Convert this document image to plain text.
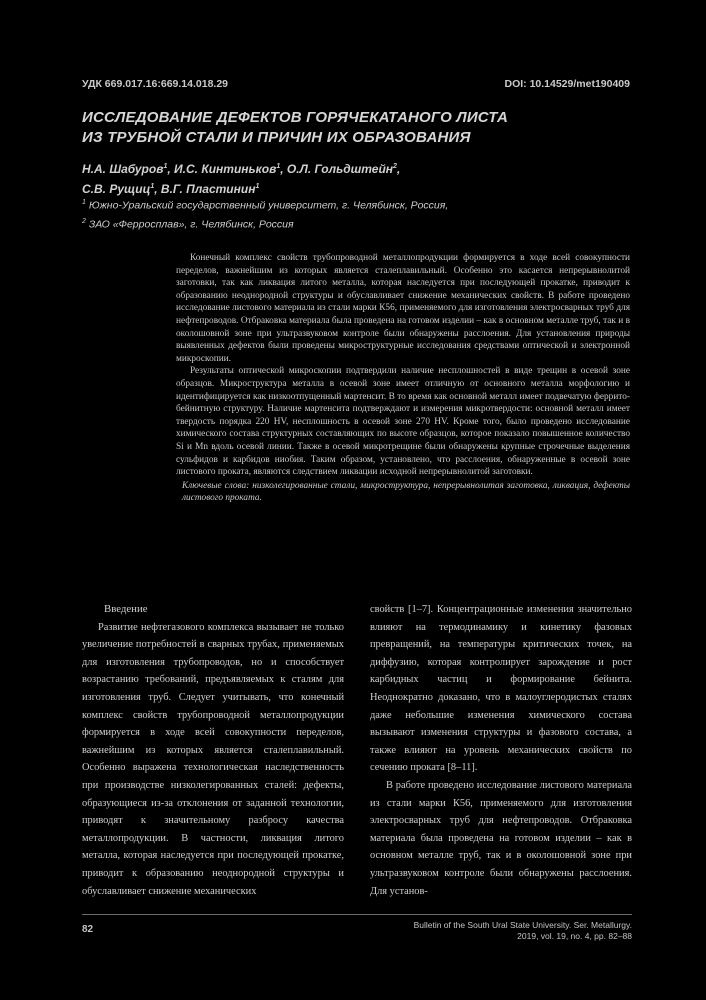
УДК 669.017.16:669.14.018.29	DOI: 10.14529/met190409
ИССЛЕДОВАНИЕ ДЕФЕКТОВ ГОРЯЧЕКАТАНОГО ЛИСТА
ИЗ ТРУБНОЙ СТАЛИ И ПРИЧИН ИХ ОБРАЗОВАНИЯ
Н.А. Шабуров$^1$, И.С. Кинтиньков$^1$, О.Л. Гольдштейн$^2$,
С.В. Рущиц$^1$, В.Г. Пластинин$^1$
$^1$ Южно-Уральский государственный университет, г. Челябинск, Россия,
$^2$ ЗАО «Ферросплав», г. Челябинск, Россия

Конечный комплекс свойств трубопроводной металлопродукции формируется в ходе всей совокупности переделов, важнейшим из которых является сталеплавильный. Особенно это касается непрерывнолитой заготовки, так как ликвация литого металла, которая наследуется при последующей прокатке, приводит к образованию неоднородной структуры и обуславливает снижение механических свойств. В работе проведено исследование листового материала из стали марки К56, применяемого для изготовления электросварных труб для нефтепроводов. Отбраковка материала была проведена на готовом изделии – как в основном металле труб, так и в околошовной зоне при ультразвуковом контроле были обнаружены расслоения. Для установления природы выявленных дефектов были проведены микроструктурные исследования средствами оптической и электронной микроскопии.

Результаты оптической микроскопии подтвердили наличие несплошностей в виде трещин в осевой зоне образцов. Микроструктура металла в осевой зоне имеет отличную от основного металла морфологию и идентифицируется как низкоотпущенный мартенсит. В то время как основной металл имеет подвечатую феррито-бейнитную структуру. Наличие мартенсита подтверждают и измерения микротвердости: основной металл имеет твердость порядка 220 HV, несплошность в осевой зоне 270 HV. Кроме того, было проведено исследование химического состава структурных составляющих по высоте образцов, которое показало повышенное количество Si и Mn вдоль осевой линии. Также в осевой микротрещине были обнаружены крупные строчечные выделения сульфидов и карбидов ниобия. Таким образом, установлено, что расслоения, обнаруженные в осевой зоне листового проката, являются следствием ликвации исходной непрерывнолитой заготовки.

Ключевые слова: низколегированные стали, микроструктура, непрерывнолитая заготовка, ликвация, дефекты листового проката.

Введение

Развитие нефтегазового комплекса вызывает не только увеличение потребностей в сварных трубах, применяемых для изготовления трубопроводов, но и способствует возрастанию требований, предъявляемых к сталям для изготовления труб. Следует учитывать, что конечный комплекс свойств трубопроводной металлопродукции формируется в ходе всей совокупности переделов, важнейшим из которых является сталеплавильный. Особенно выражена технологическая наследственность при производстве низколегированных сталей: дефекты, образующиеся из-за отклонения от заданной технологии, приводят к значительному разбросу качества металлопродукции. В частности, ликвация литого металла, которая наследуется при последующей прокатке, приводит к образованию неоднородной структуры и обуславливает снижение механических

свойств [1–7]. Концентрационные изменения значительно влияют на термодинамику и кинетику фазовых превращений, на температуры критических точек, на диффузию, которая контролирует зарождение и рост карбидных частиц и формирование бейнита. Неоднократно доказано, что в малоуглеродистых сталях даже небольшие изменения химического состава вызывают изменения структуры и фазового состава, а также влияют на уровень механических свойств по сечению проката [8–11].

В работе проведено исследование листового материала из стали марки К56, применяемого для изготовления электросварных труб для нефтепроводов. Отбраковка материала была проведена на готовом изделии – как в основном металле труб, так и в околошовной зоне при ультразвуковом контроле были обнаружены расслоения. Для установ-

82	Bulletin of the South Ural State University. Ser. Metallurgy.
2019, vol. 19, no. 4, pp. 82–88
